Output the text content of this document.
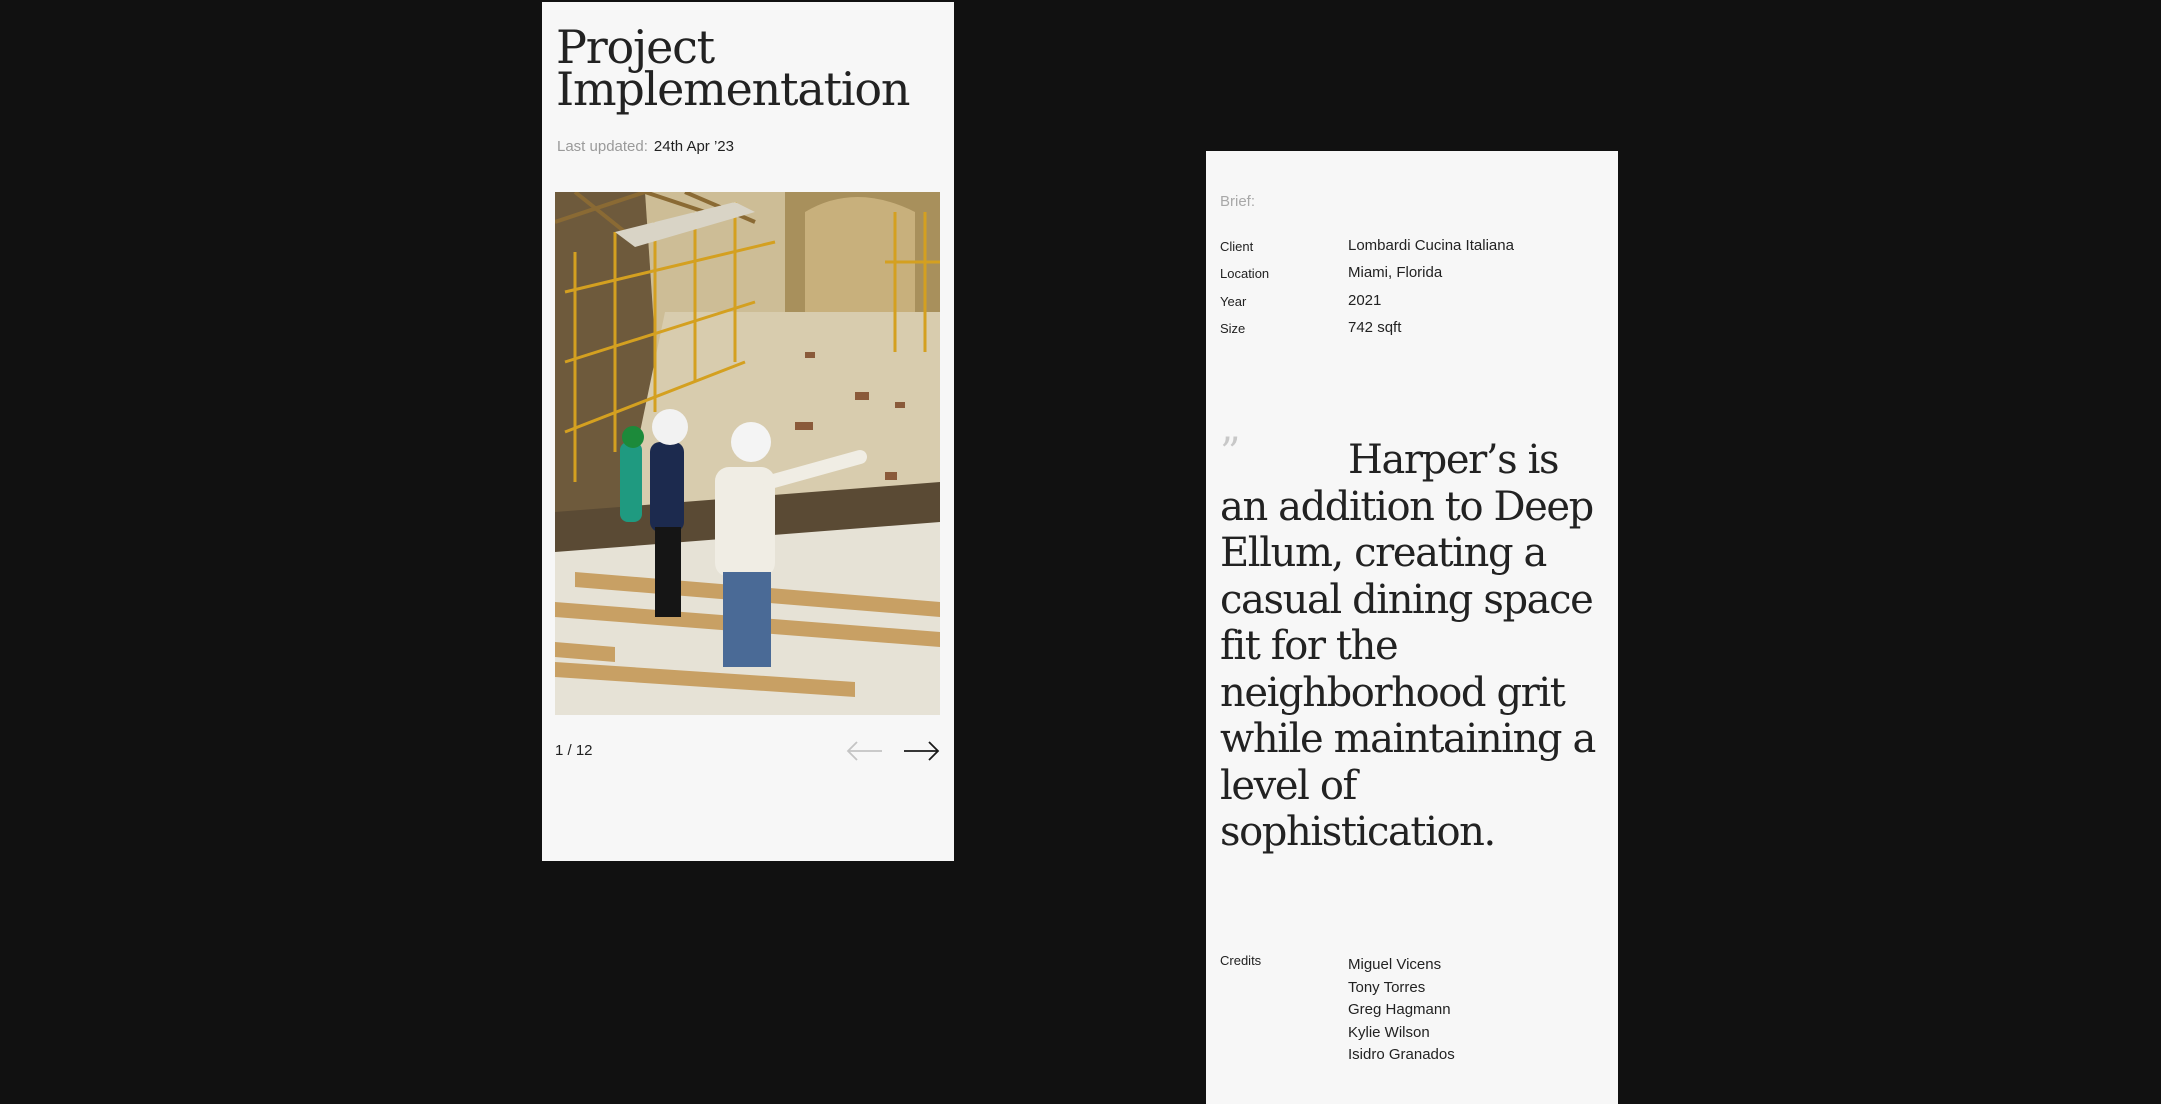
Project
Implementation
Last updated: 24th Apr ’23
1 / 12
Brief:
Client	Lombardi Cucina Italiana
Location	Miami, Florida
Year	2021
Size	742 sqft
”	Harper’s is an addition to Deep Ellum, creating a casual dining space fit for the neighborhood grit while maintaining a level of sophistication.

Credits	Miguel Vicens
Tony Torres
Greg Hagmann
Kylie Wilson
Isidro Granados
